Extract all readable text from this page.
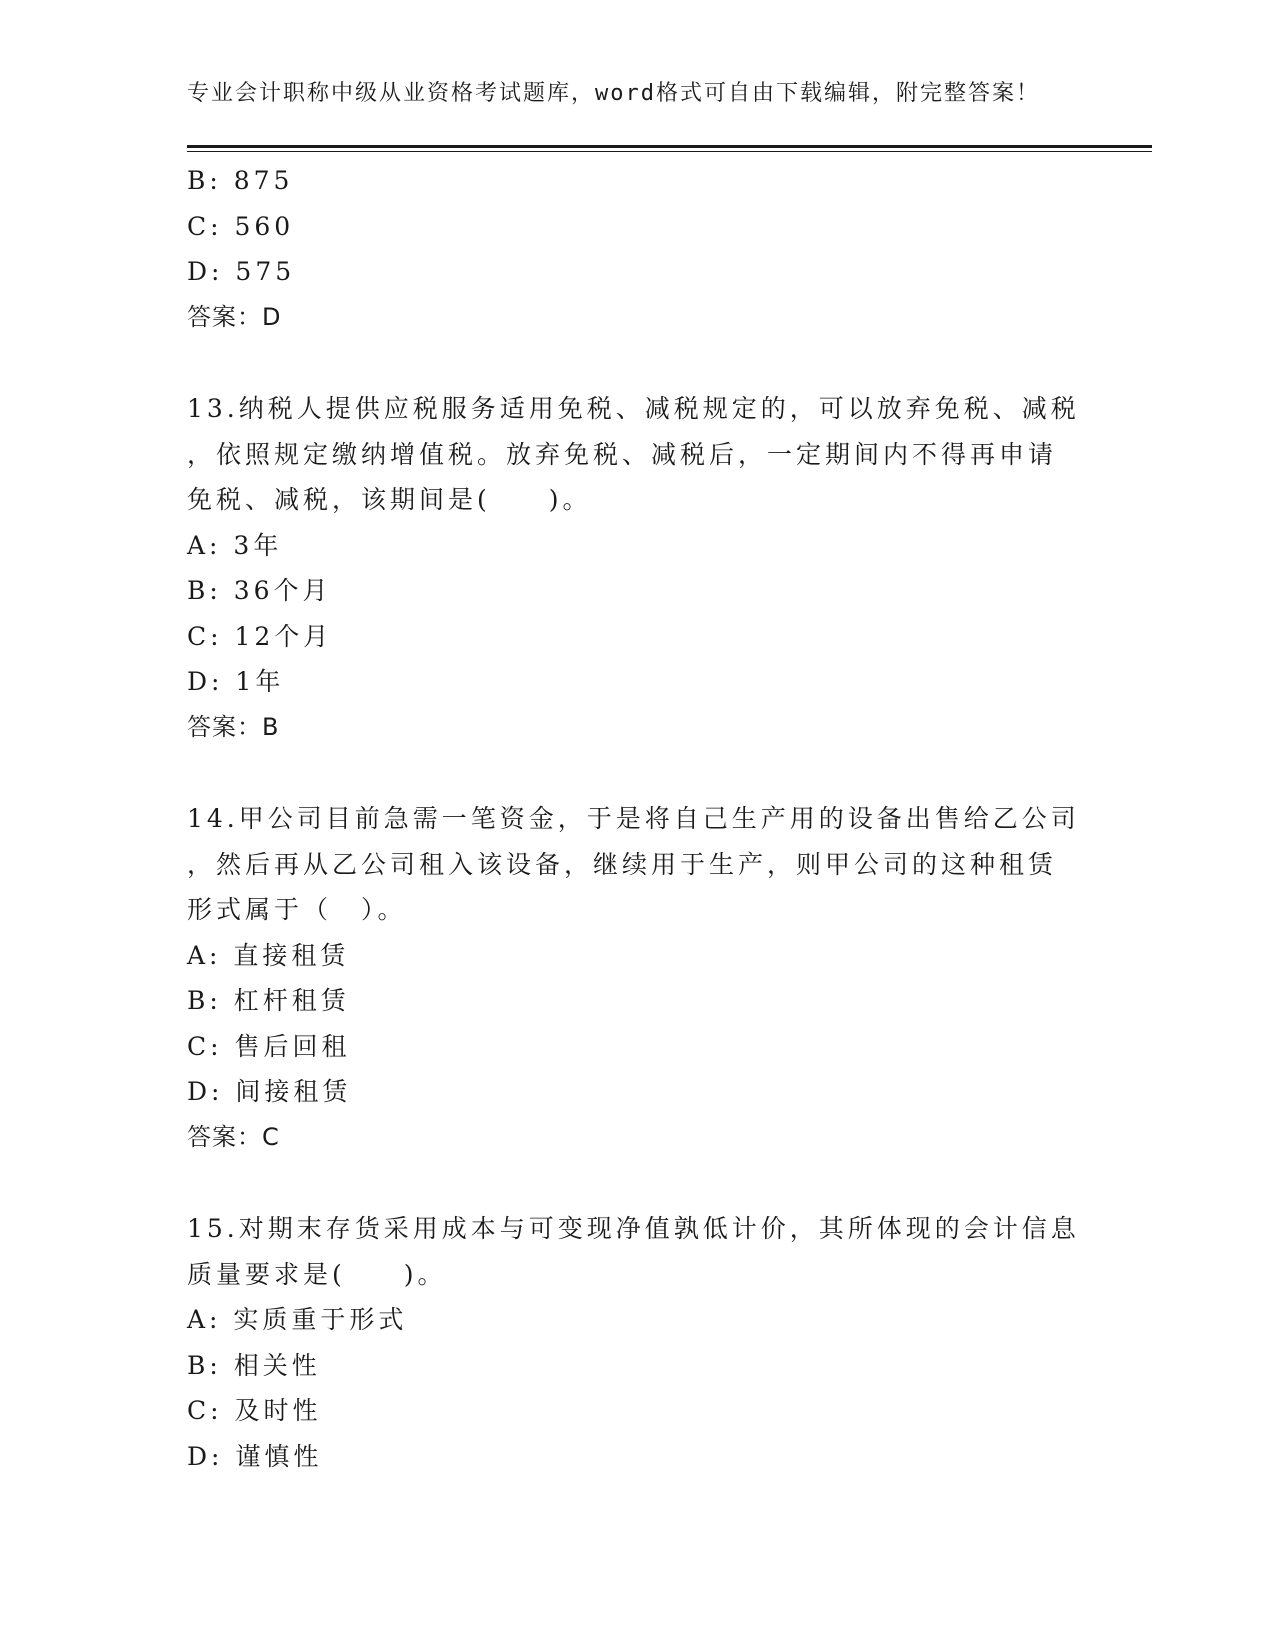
专业会计职称中级从业资格考试题库，word格式可自由下载编辑，附完整答案！
B: 875
C: 560
D: 575
答案：D
13.纳税人提供应税服务适用免税、减税规定的，可以放弃免税、减税
，依照规定缴纳增值税。放弃免税、减税后，一定期间内不得再申请
免税、减税，该期间是(　　)。
A: 3年
B: 36个月
C: 12个月
D: 1年
答案：B
14.甲公司目前急需一笔资金，于是将自己生产用的设备出售给乙公司
，然后再从乙公司租入该设备，继续用于生产，则甲公司的这种租赁
形式属于（　）。
A: 直接租赁
B: 杠杆租赁
C: 售后回租
D: 间接租赁
答案：C
15.对期末存货采用成本与可变现净值孰低计价，其所体现的会计信息
质量要求是(　　)。
A: 实质重于形式
B: 相关性
C: 及时性
D: 谨慎性
